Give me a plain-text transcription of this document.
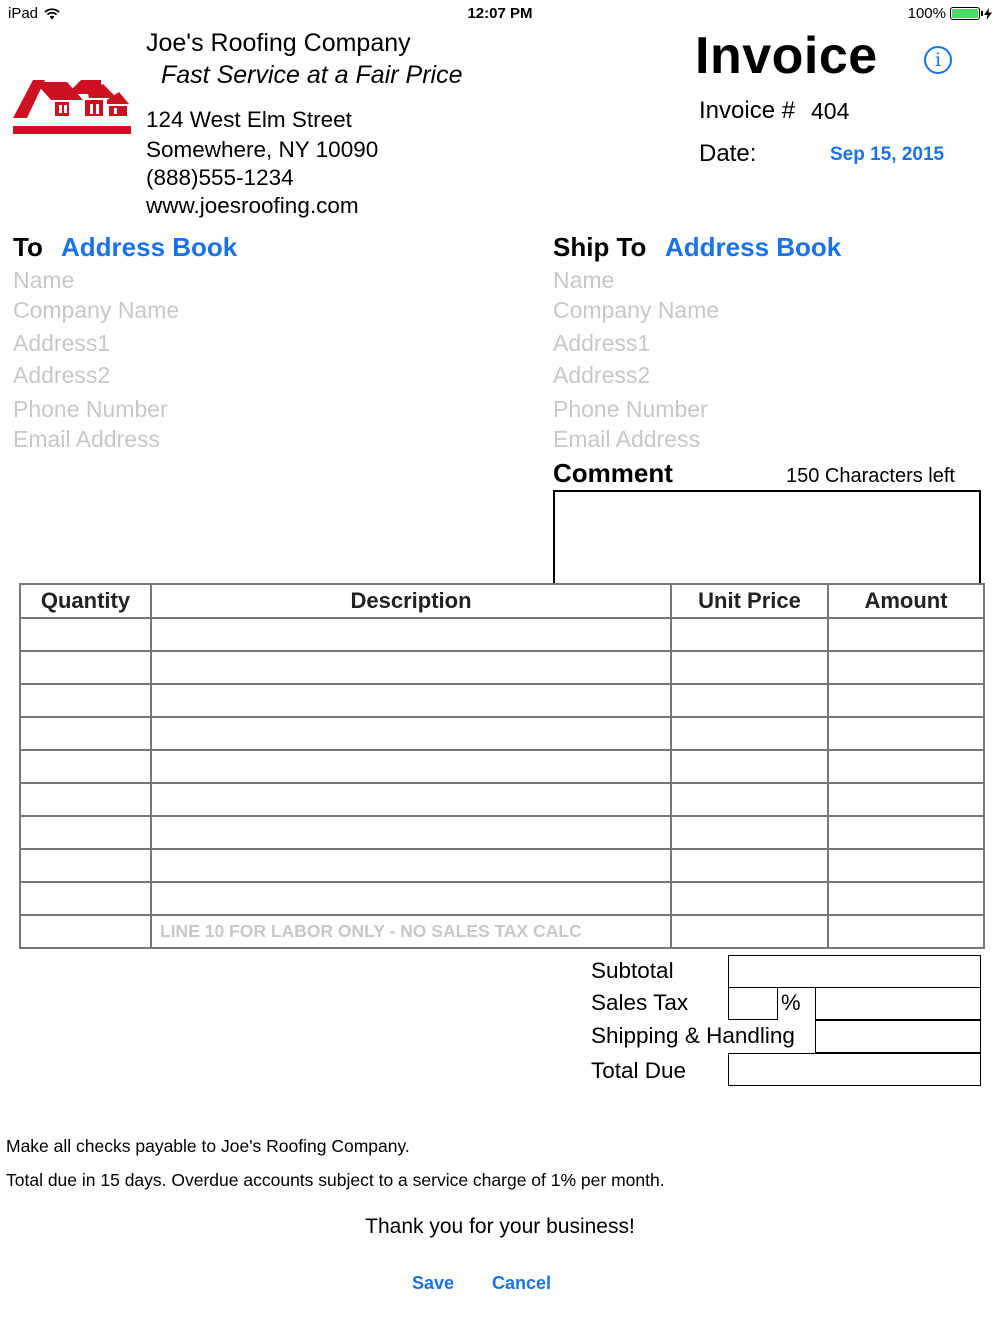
iPad	12:07 PM	100%
Joe's Roofing Company
Fast Service at a Fair Price
124 West Elm Street
Somewhere, NY 10090
(888)555-1234
www.joesroofing.com
Invoice	i
Invoice # 404
Date:	Sep 15, 2015
To Address Book
Name
Company Name
Address1
Address2
Phone Number
Email Address
Ship To Address Book
Name
Company Name
Address1
Address2
Phone Number
Email Address
Comment	150 Characters left
Quantity	Description	Unit Price	Amount

	LINE 10 FOR LABOR ONLY - NO SALES TAX CALC		
Subtotal
Sales Tax	%
Shipping & Handling
Total Due
Make all checks payable to Joe's Roofing Company.
Total due in 15 days. Overdue accounts subject to a service charge of 1% per month.
Thank you for your business!
Save Cancel
